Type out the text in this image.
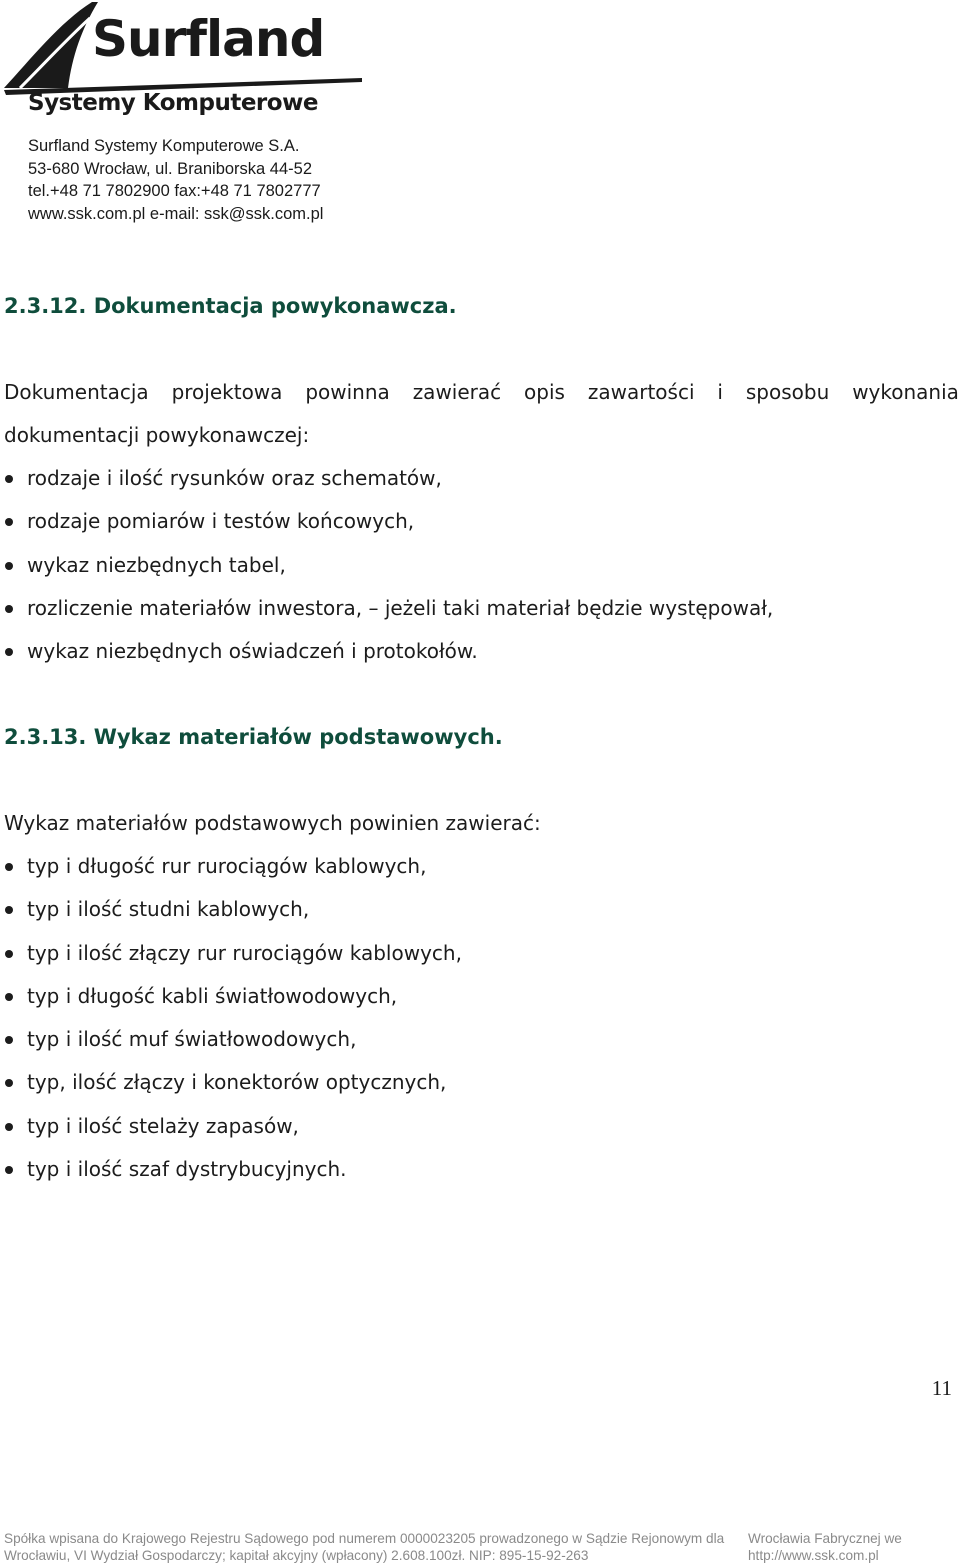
Surfland
Systemy Komputerowe
Surfland Systemy Komputerowe S.A.
53-680 Wrocław, ul. Braniborska 44-52
tel.+48 71 7802900 fax:+48 71 7802777
www.ssk.com.pl e-mail: ssk@ssk.com.pl
2.3.12. Dokumentacja powykonawcza.
Dokumentacja projektowa powinna zawierać opis zawartości i sposobu wykonania
dokumentacji powykonawczej:
rodzaje i ilość rysunków oraz schematów,
rodzaje pomiarów i testów końcowych,
wykaz niezbędnych tabel,
rozliczenie materiałów inwestora, – jeżeli taki materiał będzie występował,
wykaz niezbędnych oświadczeń i protokołów.
2.3.13. Wykaz materiałów podstawowych.
Wykaz materiałów podstawowych powinien zawierać:
typ i długość rur rurociągów kablowych,
typ i ilość studni kablowych,
typ i ilość złączy rur rurociągów kablowych,
typ i długość kabli światłowodowych,
typ i ilość muf światłowodowych,
typ, ilość złączy i konektorów optycznych,
typ i ilość stelaży zapasów,
typ i ilość szaf dystrybucyjnych.
11
Spółka wpisana do Krajowego Rejestru Sądowego pod numerem 0000023205 prowadzonego w Sądzie Rejonowym dla Wrocławia Fabrycznej we
Wrocławiu, VI Wydział Gospodarczy; kapitał akcyjny (wpłacony) 2.608.100zł. NIP: 895-15-92-263	http://www.ssk.com.pl
